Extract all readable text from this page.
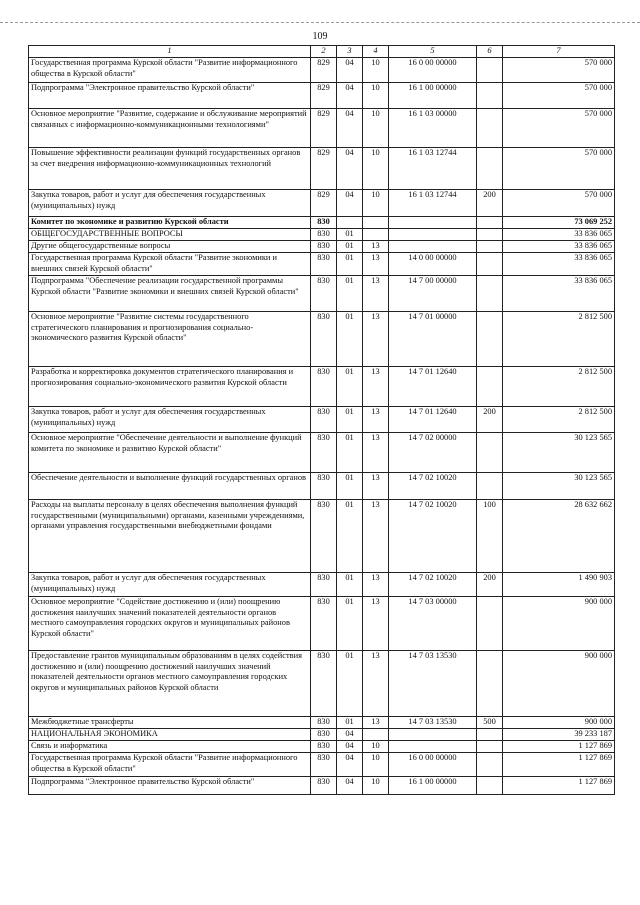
109
1	2	3	4	5	6	7
Государственная программа Курской области "Развитие информационного общества в Курской области"	829	04	10	16 0 00 00000		570 000
Подпрограмма "Электронное правительство Курской области"	829	04	10	16 1 00 00000		570 000
Основное мероприятие "Развитие, содержание и обслуживание мероприятий связанных с информационно-коммуникационными технологиями"	829	04	10	16 1 03 00000		570 000
Повышение эффективности реализации функций государственных органов за счет внедрения информационно-коммуникационных технологий	829	04	10	16 1 03 12744		570 000
Закупка товаров, работ и услуг для обеспечения государственных (муниципальных) нужд	829	04	10	16 1 03 12744	200	570 000
Комитет по экономике и развитию Курской области	830					73 069 252
ОБЩЕГОСУДАРСТВЕННЫЕ ВОПРОСЫ	830	01				33 836 065
Другие общегосударственные вопросы	830	01	13			33 836 065
Государственная программа Курской области "Развитие экономики и внешних связей Курской области"	830	01	13	14 0 00 00000		33 836 065
Подпрограмма "Обеспечение реализации государственной программы Курской области "Развитие экономики и внешних связей Курской области"	830	01	13	14 7 00 00000		33 836 065
Основное мероприятие "Развитие системы государственного стратегического планирования и прогнозирования социально-экономического развития Курской области"	830	01	13	14 7 01 00000		2 812 500
Разработка и корректировка документов стратегического планирования и прогнозирования социально-экономического развития Курской области	830	01	13	14 7 01 12640		2 812 500
Закупка товаров, работ и услуг для обеспечения государственных (муниципальных) нужд	830	01	13	14 7 01 12640	200	2 812 500
Основное мероприятие "Обеспечение деятельности и выполнение функций комитета по экономике и развитию Курской области"	830	01	13	14 7 02 00000		30 123 565
Обеспечение деятельности и выполнение функций государственных органов	830	01	13	14 7 02 10020		30 123 565
Расходы на выплаты персоналу в целях обеспечения выполнения функций государственными (муниципальными) органами, казенными учреждениями, органами управления государственными внебюджетными фондами	830	01	13	14 7 02 10020	100	28 632 662
Закупка товаров, работ и услуг для обеспечения государственных (муниципальных) нужд	830	01	13	14 7 02 10020	200	1 490 903
Основное мероприятие "Содействие достижению и (или) поощрению достижения наилучших значений показателей деятельности органов местного самоуправления городских округов и муниципальных районов Курской области"	830	01	13	14 7 03 00000		900 000
Предоставление грантов муниципальным образованиям в целях содействия достижению и (или) поощрению достижений наилучших значений показателей деятельности органов местного самоуправления городских округов и муниципальных районов Курской области	830	01	13	14 7 03 13530		900 000
Межбюджетные трансферты	830	01	13	14 7 03 13530	500	900 000
НАЦИОНАЛЬНАЯ ЭКОНОМИКА	830	04				39 233 187
Связь и информатика	830	04	10			1 127 869
Государственная программа Курской области "Развитие информационного общества в Курской области"	830	04	10	16 0 00 00000		1 127 869
Подпрограмма "Электронное правительство Курской области"	830	04	10	16 1 00 00000		1 127 869
